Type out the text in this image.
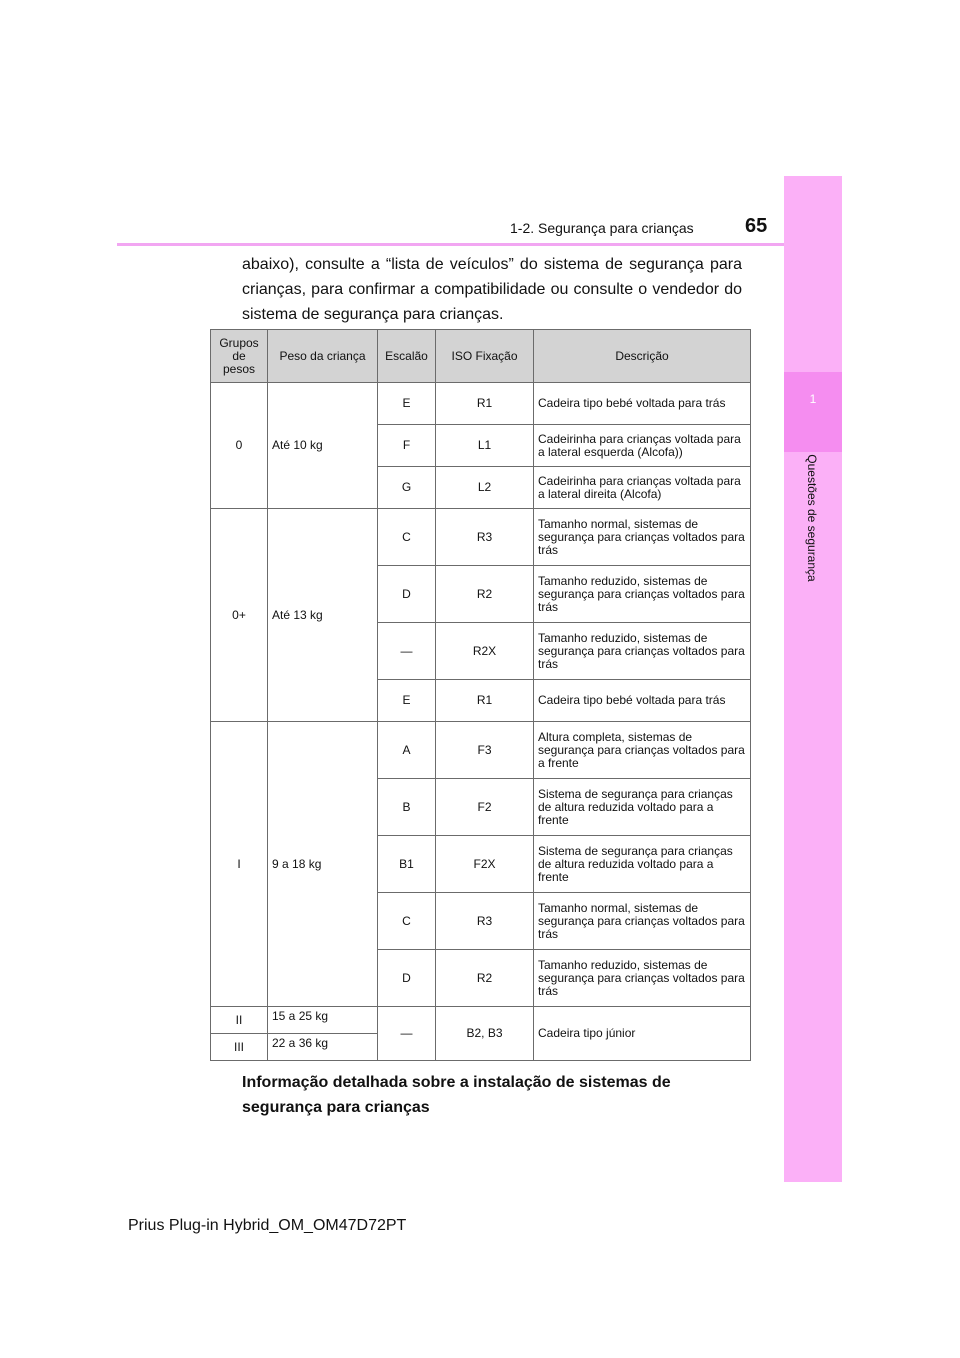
1-2. Segurança para crianças	65
1
Questões de segurança

abaixo), consulte a “lista de veículos” do sistema de segurança para crianças, para confirmar a compatibilidade ou consulte o vendedor do sistema de segurança para crianças.

Grupos de pesos	Peso da criança	Escalão	ISO Fixação	Descrição
0	Até 10 kg	E	R1	Cadeira tipo bebé voltada para trás
		F	L1	Cadeirinha para crianças voltada para a lateral esquerda (Alcofa))
		G	L2	Cadeirinha para crianças voltada para a lateral direita (Alcofa)
0+	Até 13 kg	C	R3	Tamanho normal, sistemas de segurança para crianças voltados para trás
		D	R2	Tamanho reduzido, sistemas de segurança para crianças voltados para trás
		—	R2X	Tamanho reduzido, sistemas de segurança para crianças voltados para trás
		E	R1	Cadeira tipo bebé voltada para trás
I	9 a 18 kg	A	F3	Altura completa, sistemas de segurança para crianças voltados para a frente
		B	F2	Sistema de segurança para crianças de altura reduzida voltado para a frente
		B1	F2X	Sistema de segurança para crianças de altura reduzida voltado para a frente
		C	R3	Tamanho normal, sistemas de segurança para crianças voltados para trás
		D	R2	Tamanho reduzido, sistemas de segurança para crianças voltados para trás
II	15 a 25 kg	—	B2, B3	Cadeira tipo júnior
III	22 a 36 kg			
Informação detalhada sobre a instalação de sistemas de segurança para crianças
Prius Plug-in Hybrid_OM_OM47D72PT
